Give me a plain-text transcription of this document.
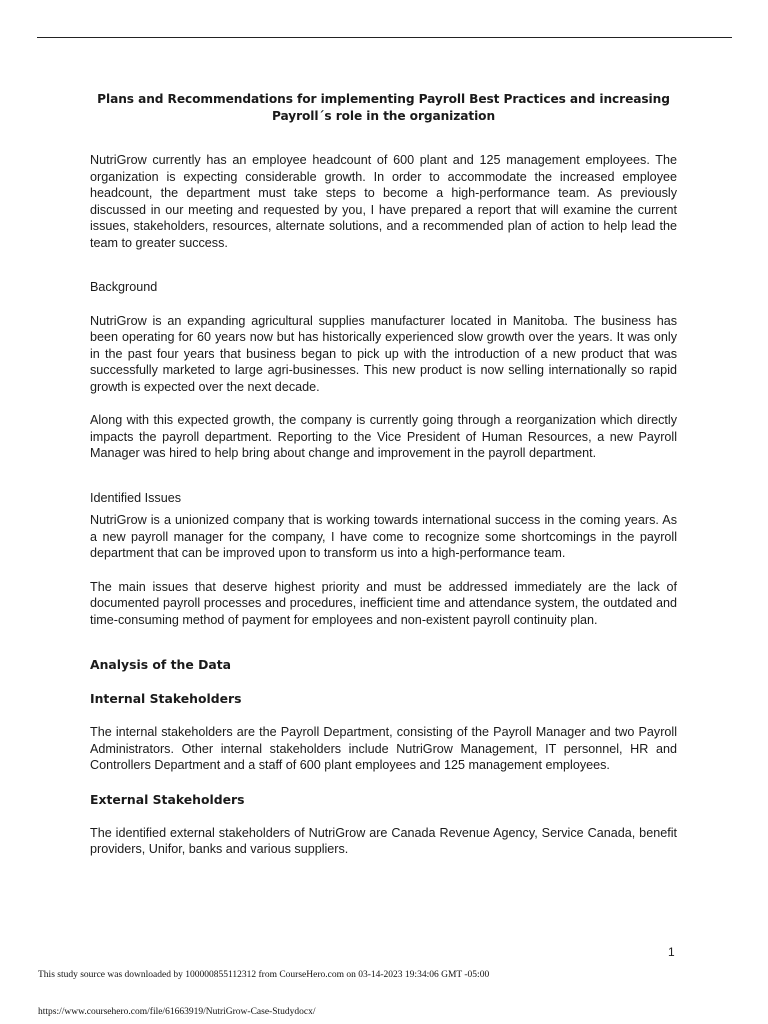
Plans and Recommendations for implementing Payroll Best Practices and increasing Payroll´s role in the organization

NutriGrow currently has an employee headcount of 600 plant and 125 management employees. The organization is expecting considerable growth. In order to accommodate the increased employee headcount, the department must take steps to become a high-performance team. As previously discussed in our meeting and requested by you, I have prepared a report that will examine the current issues, stakeholders, resources, alternate solutions, and a recommended plan of action to help lead the team to greater success.

Background

NutriGrow is an expanding agricultural supplies manufacturer located in Manitoba. The business has been operating for 60 years now but has historically experienced slow growth over the years. It was only in the past four years that business began to pick up with the introduction of a new product that was successfully marketed to large agri-businesses. This new product is now selling internationally so rapid growth is expected over the next decade.

Along with this expected growth, the company is currently going through a reorganization which directly impacts the payroll department. Reporting to the Vice President of Human Resources, a new Payroll Manager was hired to help bring about change and improvement in the payroll department.

Identified Issues

NutriGrow is a unionized company that is working towards international success in the coming years. As a new payroll manager for the company, I have come to recognize some shortcomings in the payroll department that can be improved upon to transform us into a high-performance team.

The main issues that deserve highest priority and must be addressed immediately are the lack of documented payroll processes and procedures, inefficient time and attendance system, the outdated and time-consuming method of payment for employees and non-existent payroll continuity plan.

Analysis of the Data
Internal Stakeholders

The internal stakeholders are the Payroll Department, consisting of the Payroll Manager and two Payroll Administrators. Other internal stakeholders include NutriGrow Management, IT personnel, HR and Controllers Department and a staff of 600 plant employees and 125 management employees.

External Stakeholders

The identified external stakeholders of NutriGrow are Canada Revenue Agency, Service Canada, benefit providers, Unifor, banks and various suppliers.

1
This study source was downloaded by 100000855112312 from CourseHero.com on 03-14-2023 19:34:06 GMT -05:00
https://www.coursehero.com/file/61663919/NutriGrow-Case-Studydocx/
